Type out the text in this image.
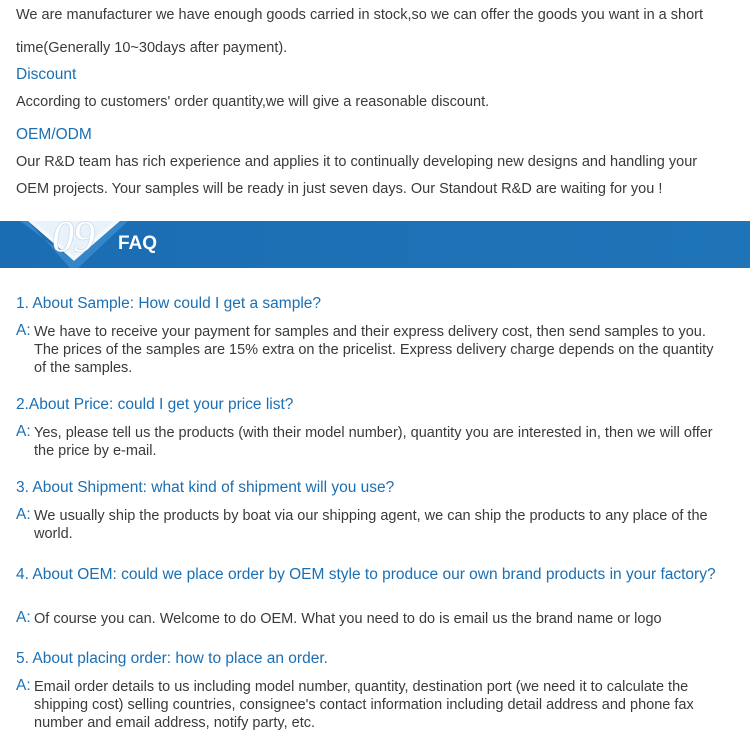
We are manufacturer we have enough goods carried in stock,so we can offer the goods you want in a short
time(Generally 10~30days after payment).
Discount
According to customers' order quantity,we will give a reasonable discount.
OEM/ODM
Our R&D team has rich experience and applies it to continually developing new designs and handling your
OEM projects. Your samples will be ready in just seven days. Our Standout R&D are waiting for you !
09 FAQ
1. About Sample: How could I get a sample?
A: We have to receive your payment for samples and their express delivery cost, then send samples to you. The prices of the samples are 15% extra on the pricelist. Express delivery charge depends on the quantity of the samples.
2.About Price: could I get your price list?
A: Yes, please tell us the products (with their model number), quantity you are interested in, then we will offer the price by e-mail.
3. About Shipment: what kind of shipment will you use?
A: We usually ship the products by boat via our shipping agent, we can ship the products to any place of the world.
4. About OEM: could we place order by OEM style to produce our own brand products in your factory?
A: Of course you can. Welcome to do OEM. What you need to do is email us the brand name or logo
5. About placing order: how to place an order.
A: Email order details to us including model number, quantity, destination port (we need it to calculate the shipping cost) selling countries, consignee's contact information including detail address and phone fax number and email address, notify party, etc.
